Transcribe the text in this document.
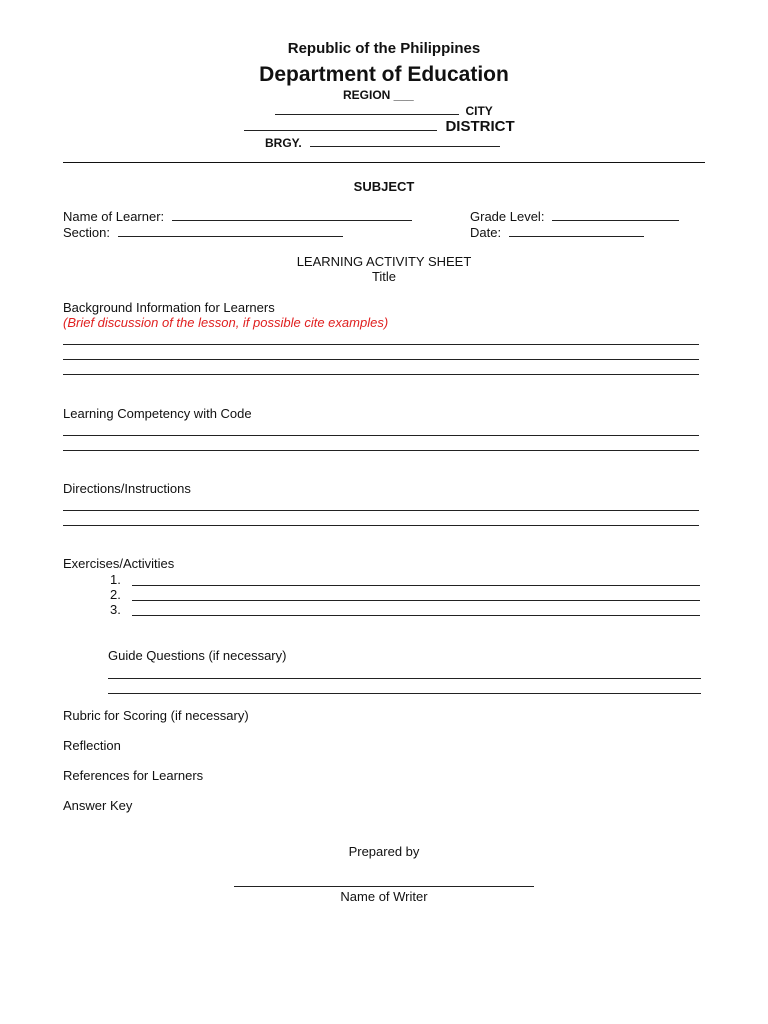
Republic of the Philippines
Department of Education
REGION ___
CITY
DISTRICT
BRGY.
SUBJECT
Name of Learner:	Grade Level:
Section:	Date:
LEARNING ACTIVITY SHEET
Title
Background Information for Learners
(Brief discussion of the lesson, if possible cite examples)
Learning Competency with Code
Directions/Instructions
Exercises/Activities
1.
2.
3.
Guide Questions (if necessary)
Rubric for Scoring (if necessary)
Reflection
References for Learners
Answer Key
Prepared by
Name of Writer
